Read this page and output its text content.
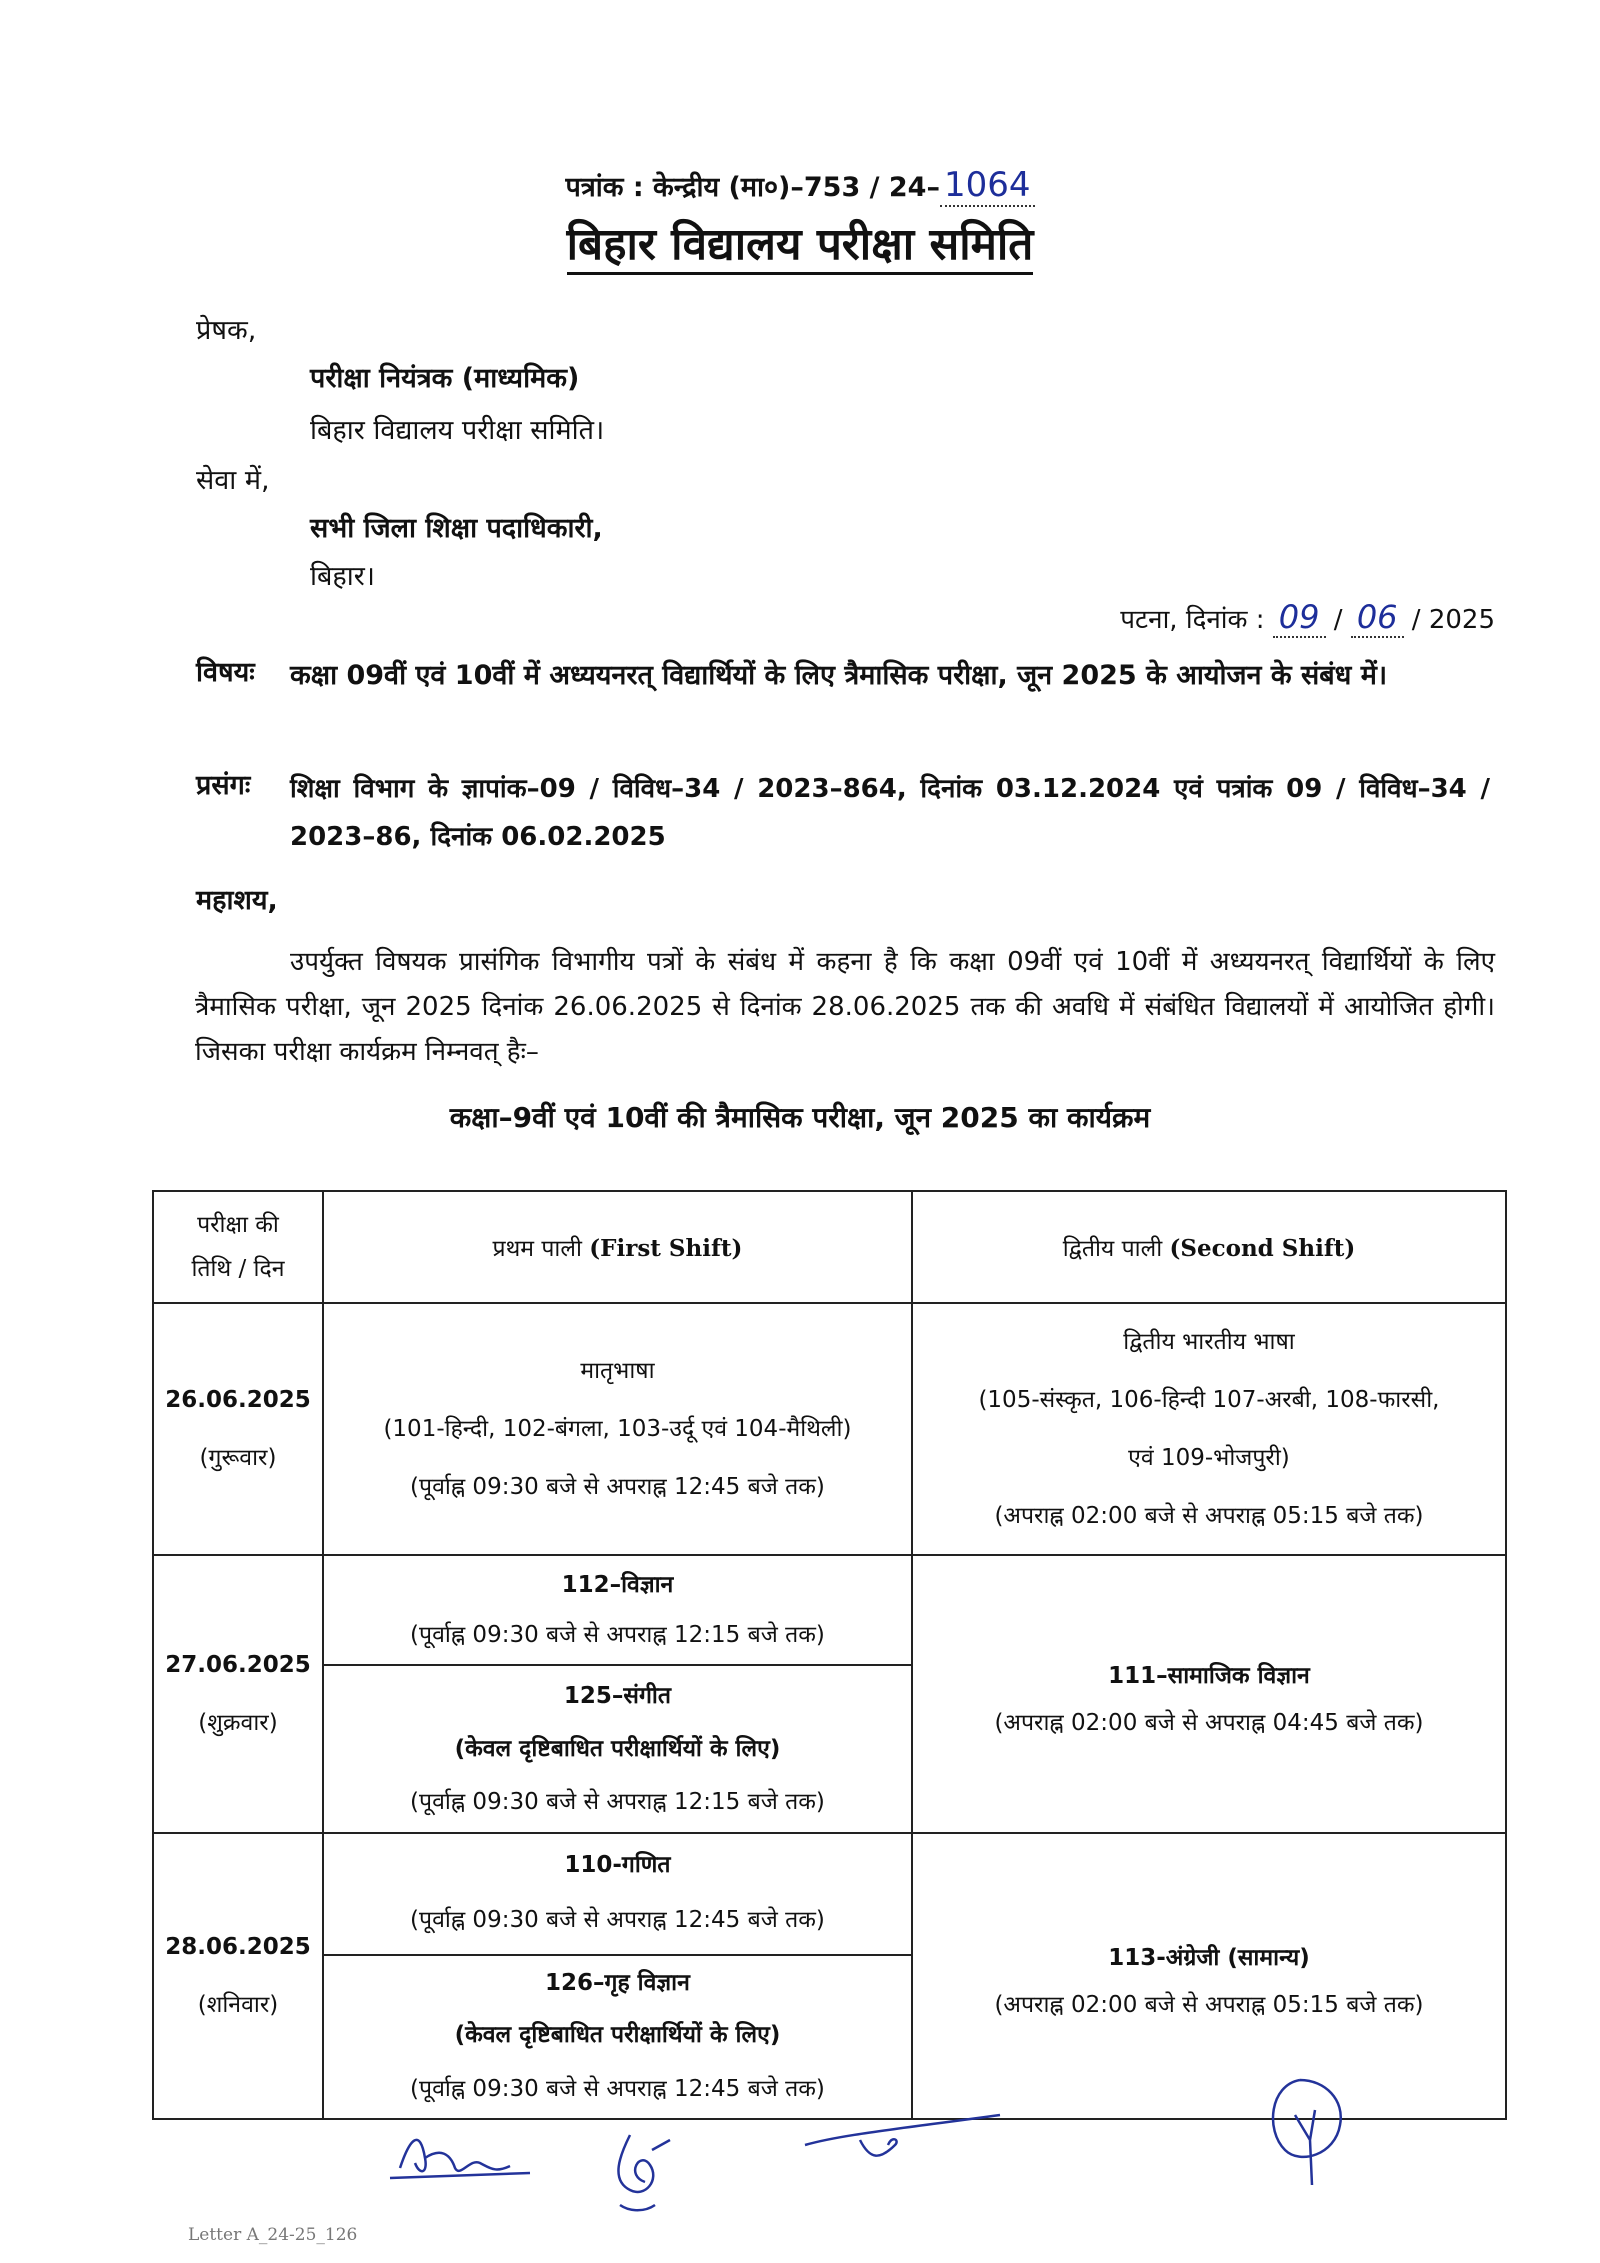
पत्रांक : केन्द्रीय (मा०)–753 / 24– 1064
बिहार विद्यालय परीक्षा समिति
प्रेषक,
परीक्षा नियंत्रक (माध्यमिक)
बिहार विद्यालय परीक्षा समिति।
सेवा में,
सभी जिला शिक्षा पदाधिकारी,
बिहार।
पटना, दिनांक : 09 / 06 / 2025
विषयः कक्षा 09वीं एवं 10वीं में अध्ययनरत् विद्यार्थियों के लिए त्रैमासिक परीक्षा, जून 2025 के आयोजन के संबंध में।
प्रसंगः शिक्षा विभाग के ज्ञापांक–09 / विविध–34 / 2023–864, दिनांक 03.12.2024 एवं पत्रांक 09 / विविध–34 / 2023–86, दिनांक 06.02.2025
महाशय,
उपर्युक्त विषयक प्रासंगिक विभागीय पत्रों के संबंध में कहना है कि कक्षा 09वीं एवं 10वीं में अध्ययनरत् विद्यार्थियों के लिए त्रैमासिक परीक्षा, जून 2025 दिनांक 26.06.2025 से दिनांक 28.06.2025 तक की अवधि में संबंधित विद्यालयों में आयोजित होगी। जिसका परीक्षा कार्यक्रम निम्नवत् हैः–
कक्षा–9वीं एवं 10वीं की त्रैमासिक परीक्षा, जून 2025 का कार्यक्रम
परीक्षा की
तिथि / दिन	प्रथम पाली (First Shift)	द्वितीय पाली (Second Shift)

26.06.2025
(गुरूवार)	मातृभाषा
(101-हिन्दी, 102-बंगला, 103-उर्दू एवं 104-मैथिली)
(पूर्वाह्न 09:30 बजे से अपराह्न 12:45 बजे तक)	द्वितीय भारतीय भाषा
(105-संस्कृत, 106-हिन्दी 107-अरबी, 108-फारसी,
एवं 109-भोजपुरी)
(अपराह्न 02:00 बजे से अपराह्न 05:15 बजे तक)

27.06.2025
(शुक्रवार)	112–विज्ञान
(पूर्वाह्न 09:30 बजे से अपराह्न 12:15 बजे तक)	111–सामाजिक विज्ञान
(अपराह्न 02:00 बजे से अपराह्न 04:45 बजे तक)

	125–संगीत
(केवल दृष्टिबाधित परीक्षार्थियों के लिए)
(पूर्वाह्न 09:30 बजे से अपराह्न 12:15 बजे तक)	

28.06.2025
(शनिवार)	110-गणित
(पूर्वाह्न 09:30 बजे से अपराह्न 12:45 बजे तक)	113-अंग्रेजी (सामान्य)
(अपराह्न 02:00 बजे से अपराह्न 05:15 बजे तक)

	126–गृह विज्ञान
(केवल दृष्टिबाधित परीक्षार्थियों के लिए)
(पूर्वाह्न 09:30 बजे से अपराह्न 12:45 बजे तक)	
Letter A_24-25_126
